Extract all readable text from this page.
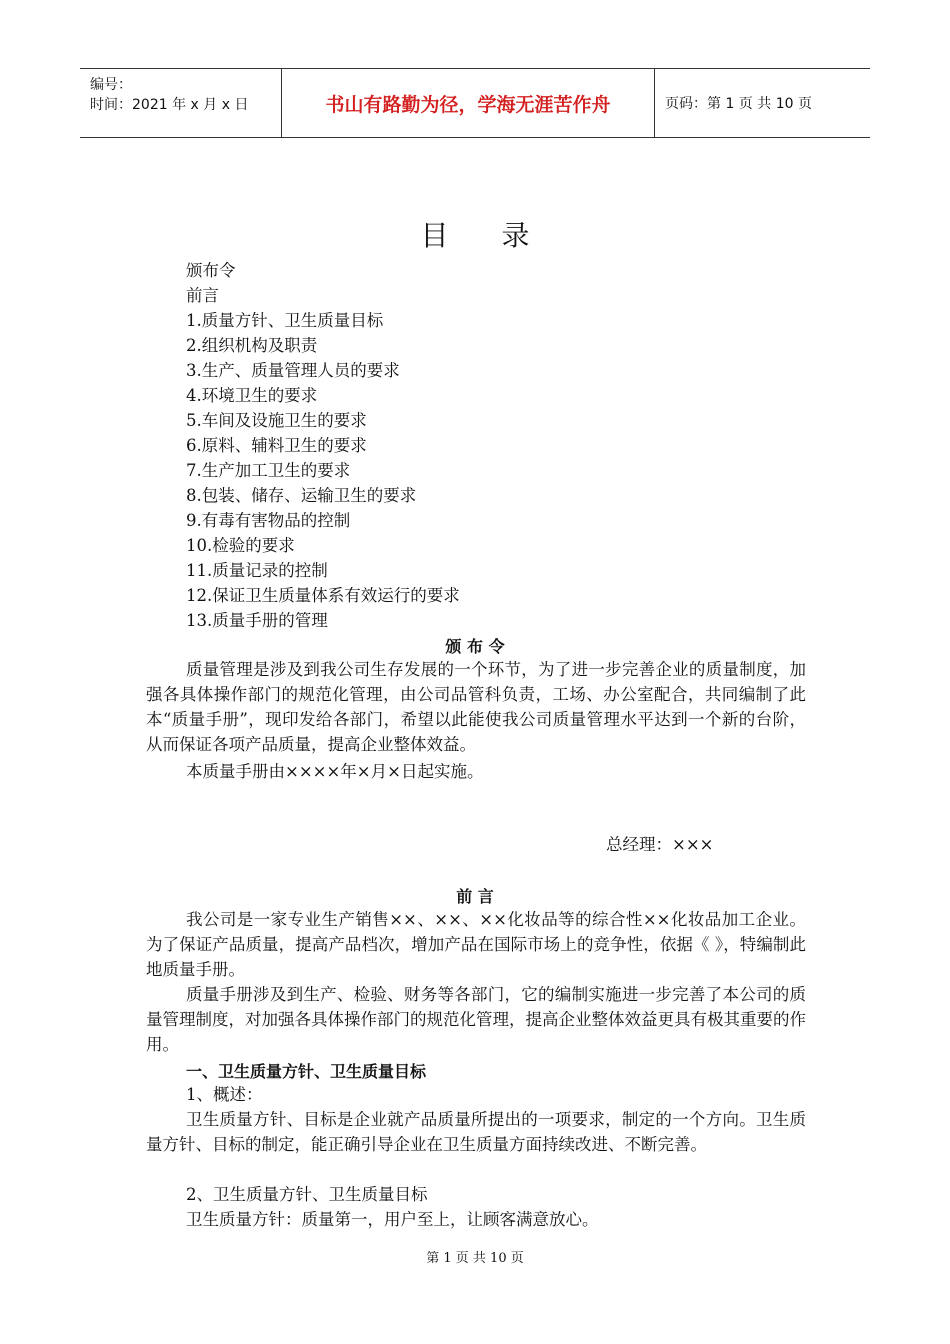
编号：
时间：2021 年 x 月 x 日	书山有路勤为径，学海无涯苦作舟	页码：第 1 页 共 10 页
目 录
颁布令
前言
1.质量方针、卫生质量目标
2.组织机构及职责
3.生产、质量管理人员的要求
4.环境卫生的要求
5.车间及设施卫生的要求
6.原料、辅料卫生的要求
7.生产加工卫生的要求
8.包装、储存、运输卫生的要求
9.有毒有害物品的控制
10.检验的要求
11.质量记录的控制
12.保证卫生质量体系有效运行的要求
13.质量手册的管理
颁 布 令
质量管理是涉及到我公司生存发展的一个环节，为了进一步完善企业的质量制度，加强各具体操作部门的规范化管理，由公司品管科负责，工场、办公室配合，共同编制了此本“质量手册”，现印发给各部门，希望以此能使我公司质量管理水平达到一个新的台阶，从而保证各项产品质量，提高企业整体效益。
本质量手册由××××年×月×日起实施。
总经理：×××
前 言
我公司是一家专业生产销售××、××、××化妆品等的综合性××化妆品加工企业。为了保证产品质量，提高产品档次，增加产品在国际市场上的竞争性，依据《 》，特编制此地质量手册。
质量手册涉及到生产、检验、财务等各部门，它的编制实施进一步完善了本公司的质量管理制度，对加强各具体操作部门的规范化管理，提高企业整体效益更具有极其重要的作用。
一、卫生质量方针、卫生质量目标
1、概述：
卫生质量方针、目标是企业就产品质量所提出的一项要求，制定的一个方向。卫生质量方针、目标的制定，能正确引导企业在卫生质量方面持续改进、不断完善。
2、卫生质量方针、卫生质量目标
卫生质量方针：质量第一，用户至上，让顾客满意放心。
第 1 页 共 10 页
